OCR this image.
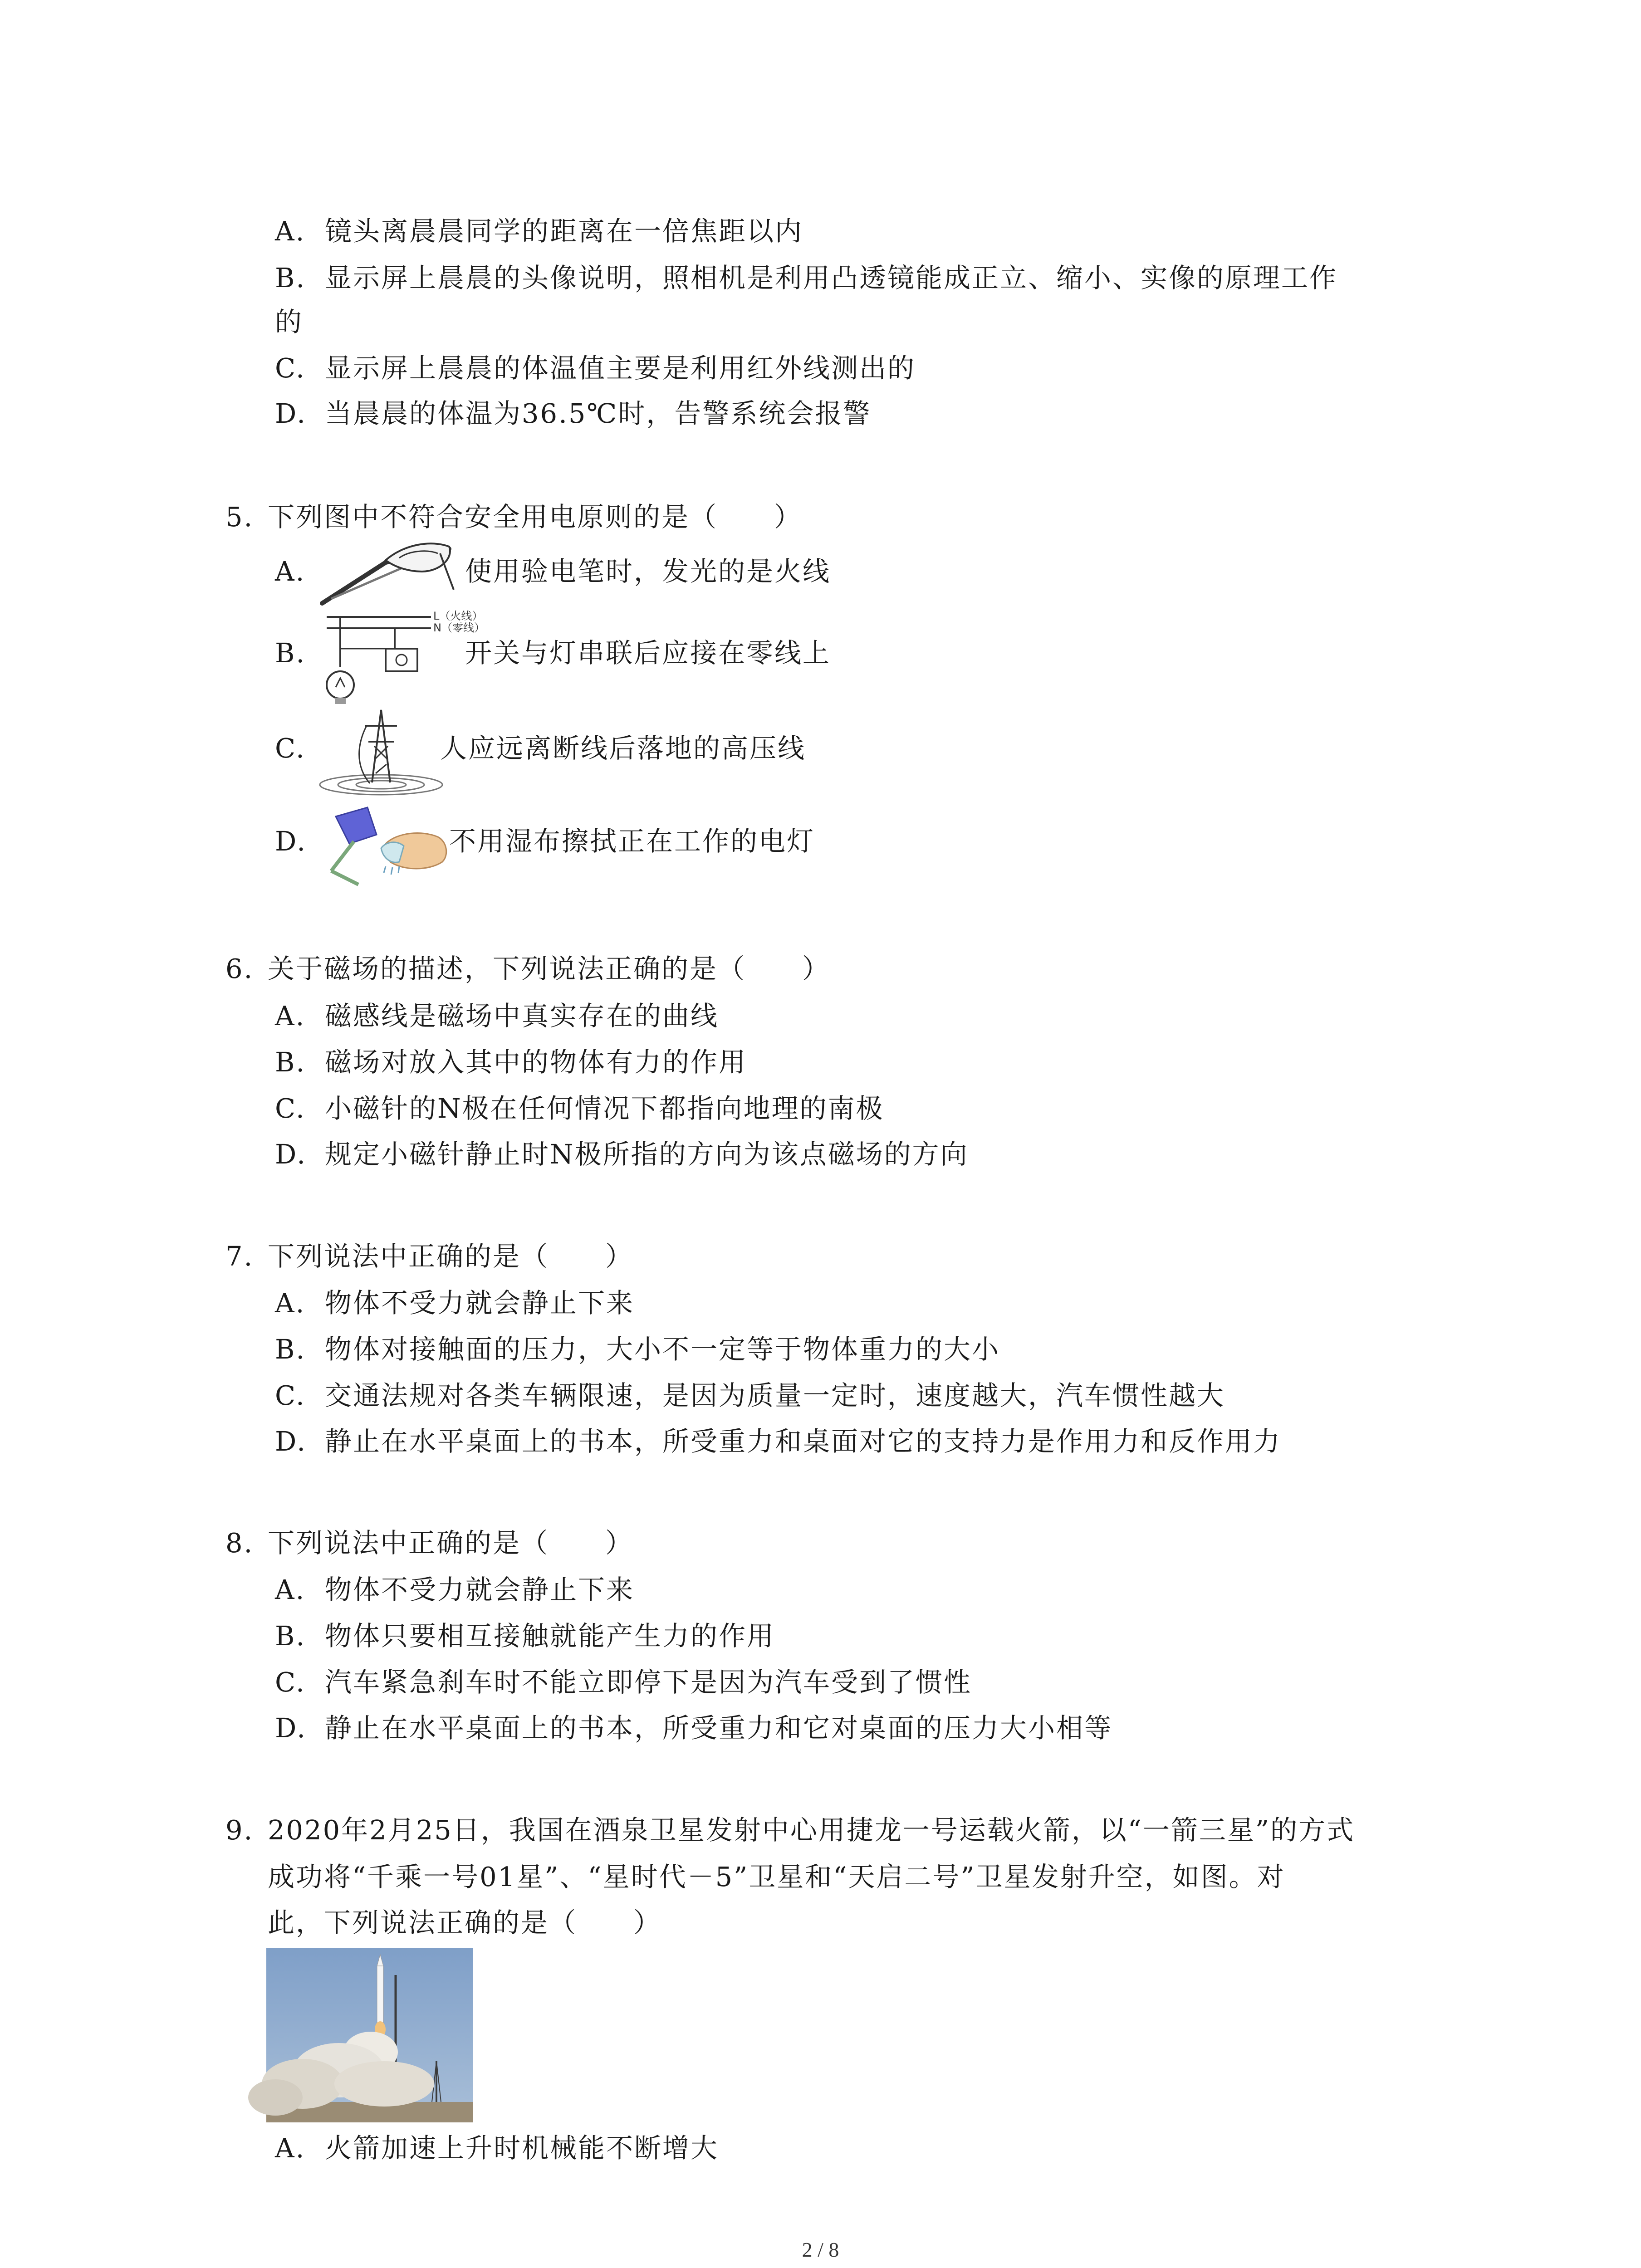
A. 镜头离晨晨同学的距离在一倍焦距以内
B. 显示屏上晨晨的头像说明，照相机是利用凸透镜能成正立、缩小、实像的原理工作
的
C. 显示屏上晨晨的体温值主要是利用红外线测出的
D. 当晨晨的体温为36.5℃时，告警系统会报警
5. 下列图中不符合安全用电原则的是（　　）
A.	使用验电笔时，发光的是火线
B.
L（火线）
N（零线）
开关与灯串联后应接在零线上
C.	人应远离断线后落地的高压线
D.	不用湿布擦拭正在工作的电灯
6. 关于磁场的描述，下列说法正确的是（　　）
A. 磁感线是磁场中真实存在的曲线
B. 磁场对放入其中的物体有力的作用
C. 小磁针的N极在任何情况下都指向地理的南极
D. 规定小磁针静止时N极所指的方向为该点磁场的方向
7. 下列说法中正确的是（　　）
A. 物体不受力就会静止下来
B. 物体对接触面的压力，大小不一定等于物体重力的大小
C. 交通法规对各类车辆限速，是因为质量一定时，速度越大，汽车惯性越大
D. 静止在水平桌面上的书本，所受重力和桌面对它的支持力是作用力和反作用力
8. 下列说法中正确的是（　　）
A. 物体不受力就会静止下来
B. 物体只要相互接触就能产生力的作用
C. 汽车紧急刹车时不能立即停下是因为汽车受到了惯性
D. 静止在水平桌面上的书本，所受重力和它对桌面的压力大小相等
9. 2020年2月25日，我国在酒泉卫星发射中心用捷龙一号运载火箭，以“一箭三星”的方式
成功将“千乘一号01星”、“星时代－5”卫星和“天启二号”卫星发射升空，如图。对
此，下列说法正确的是（　　）
A. 火箭加速上升时机械能不断增大
2 / 8
